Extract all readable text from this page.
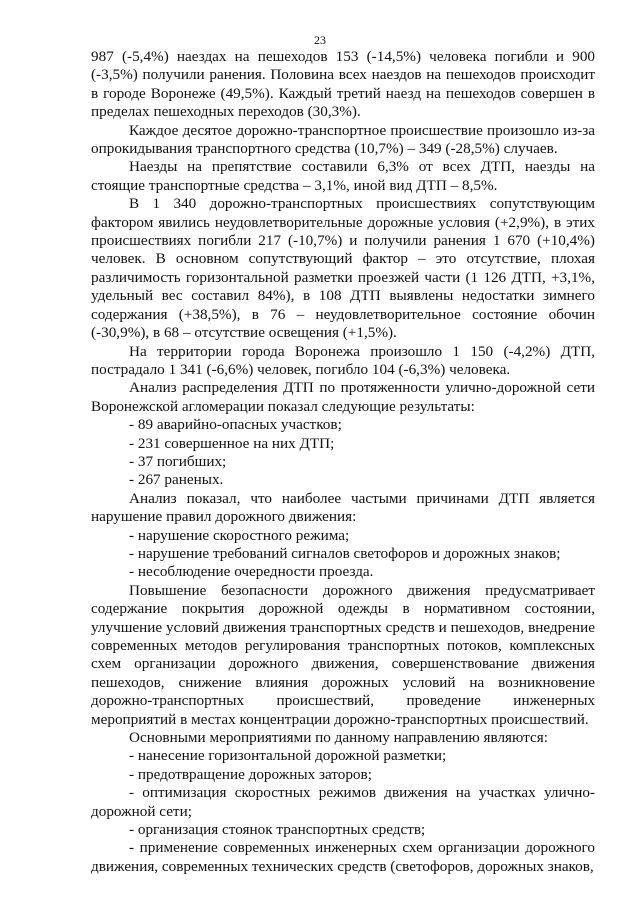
23

987 (-5,4%) наездах на пешеходов 153 (-14,5%) человека погибли и 900 (-3,5%) получили ранения. Половина всех наездов на пешеходов происходит в городе Воронеже (49,5%). Каждый третий наезд на пешеходов совершен в пределах пешеходных переходов (30,3%).

Каждое десятое дорожно-транспортное происшествие произошло из-за опрокидывания транспортного средства (10,7%) – 349 (-28,5%) случаев.

Наезды на препятствие составили 6,3% от всех ДТП, наезды на стоящие транспортные средства – 3,1%, иной вид ДТП – 8,5%.

В 1 340 дорожно-транспортных происшествиях сопутствующим фактором явились неудовлетворительные дорожные условия (+2,9%), в этих происшествиях погибли 217 (-10,7%) и получили ранения 1 670 (+10,4%) человек. В основном сопутствующий фактор – это отсутствие, плохая различимость горизонтальной разметки проезжей части (1 126 ДТП, +3,1%, удельный вес составил 84%), в 108 ДТП выявлены недостатки зимнего содержания (+38,5%), в 76 – неудовлетворительное состояние обочин (-30,9%), в 68 – отсутствие освещения (+1,5%).

На территории города Воронежа произошло 1 150 (-4,2%) ДТП, пострадало 1 341 (-6,6%) человек, погибло 104 (-6,3%) человека.

Анализ распределения ДТП по протяженности улично-дорожной сети Воронежской агломерации показал следующие результаты:

- 89 аварийно-опасных участков;
- 231 совершенное на них ДТП;
- 37 погибших;
- 267 раненых.

Анализ показал, что наиболее частыми причинами ДТП является нарушение правил дорожного движения:

- нарушение скоростного режима;
- нарушение требований сигналов светофоров и дорожных знаков;
- несоблюдение очередности проезда.

Повышение безопасности дорожного движения предусматривает содержание покрытия дорожной одежды в нормативном состоянии, улучшение условий движения транспортных средств и пешеходов, внедрение современных методов регулирования транспортных потоков, комплексных схем организации дорожного движения, совершенствование движения пешеходов, снижение влияния дорожных условий на возникновение дорожно-транспортных происшествий, проведение инженерных мероприятий в местах концентрации дорожно-транспортных происшествий.

Основными мероприятиями по данному направлению являются:

- нанесение горизонтальной дорожной разметки;
- предотвращение дорожных заторов;
- оптимизация скоростных режимов движения на участках улично-дорожной сети;
- организация стоянок транспортных средств;
- применение современных инженерных схем организации дорожного движения, современных технических средств (светофоров, дорожных знаков,
